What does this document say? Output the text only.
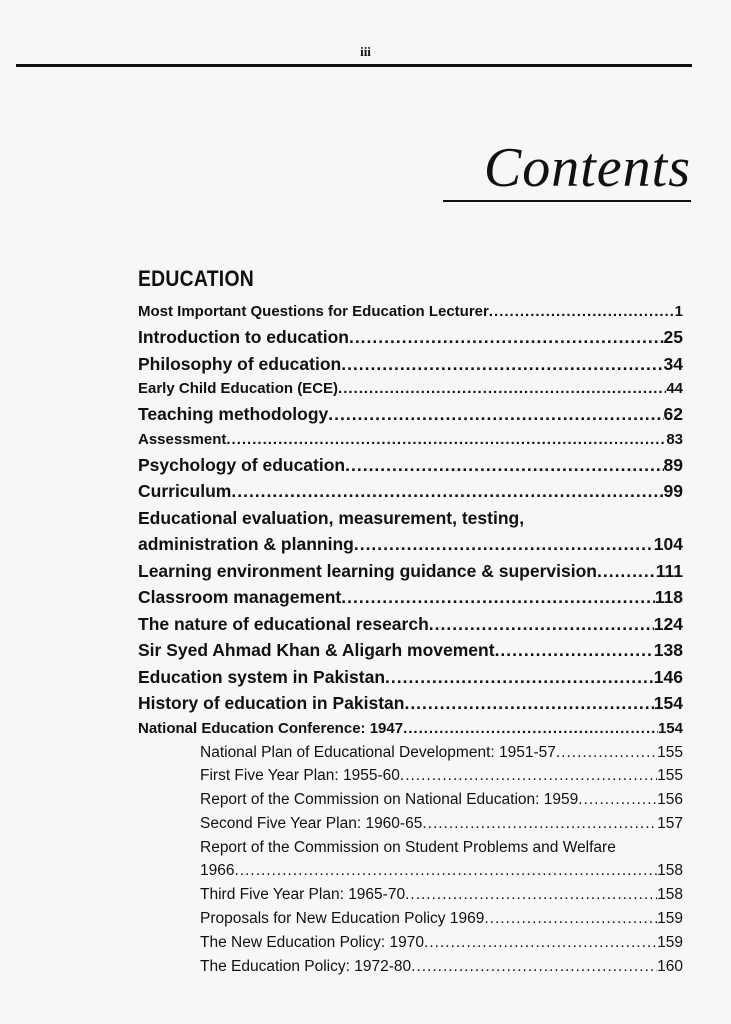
iii
Contents
EDUCATION
Most Important Questions for Education Lecturer .....	1
Introduction to education .....	25
Philosophy of education .....	34
Early Child Education (ECE) .....	44
Teaching methodology .....	62
Assessment .....	83
Psychology of education .....	89
Curriculum .....	99
Educational evaluation, measurement, testing,
administration & planning .....	104
Learning environment learning guidance & supervision .....	111
Classroom management .....	118
The nature of educational research .....	124
Sir Syed Ahmad Khan & Aligarh movement .....	138
Education system in Pakistan .....	146
History of education in Pakistan .....	154
National Education Conference: 1947 .....	154
National Plan of Educational Development: 1951-57 .....	155
First Five Year Plan: 1955-60 .....	155
Report of the Commission on National Education: 1959 .....	156
Second Five Year Plan: 1960-65 .....	157
Report of the Commission on Student Problems and Welfare
1966 .....	158
Third Five Year Plan: 1965-70 .....	158
Proposals for New Education Policy 1969 .....	159
The New Education Policy: 1970 .....	159
The Education Policy: 1972-80 .....	160
